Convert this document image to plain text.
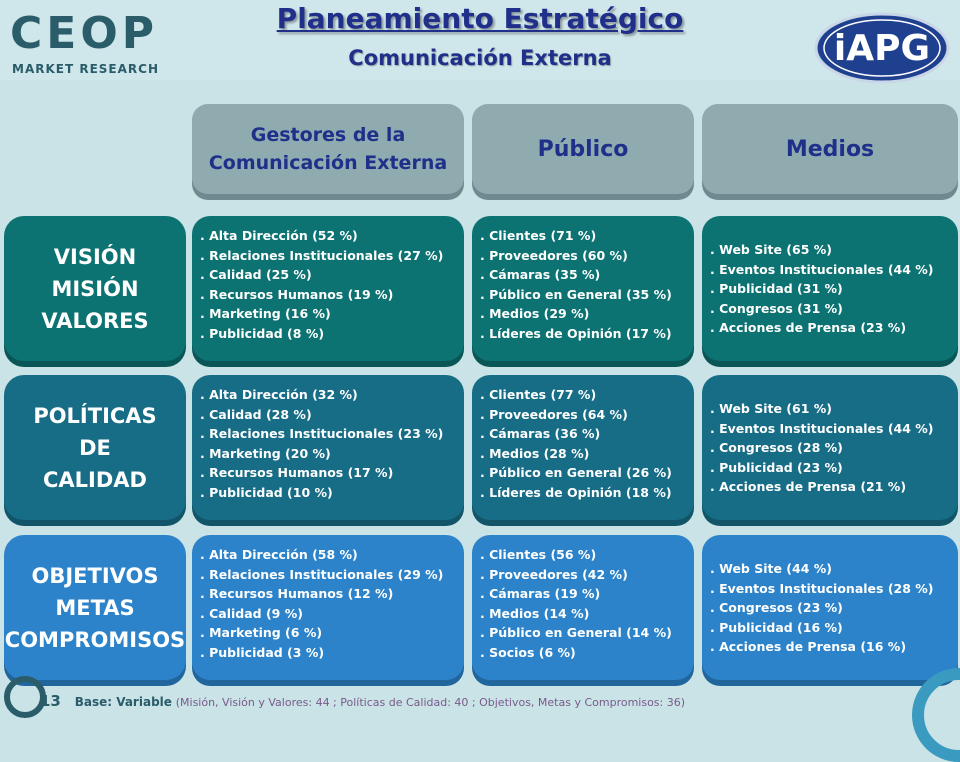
CEOP
MARKET RESEARCH
Planeamiento Estratégico
Comunicación Externa	iAPG
Gestores de la
Comunicación Externa
Público	Medios
VISIÓN
MISIÓN
VALORES
. Alta Dirección (52 %)
. Relaciones Institucionales (27 %)
. Calidad (25 %)
. Recursos Humanos (19 %)
. Marketing (16 %)
. Publicidad (8 %)
. Clientes (71 %)
. Proveedores (60 %)
. Cámaras (35 %)
. Público en General (35 %)
. Medios (29 %)
. Líderes de Opinión (17 %)
. Web Site (65 %)
. Eventos Institucionales (44 %)
. Publicidad (31 %)
. Congresos (31 %)
. Acciones de Prensa (23 %)
POLÍTICAS
DE
CALIDAD
. Alta Dirección (32 %)
. Calidad (28 %)
. Relaciones Institucionales (23 %)
. Marketing (20 %)
. Recursos Humanos (17 %)
. Publicidad (10 %)
. Clientes (77 %)
. Proveedores (64 %)
. Cámaras (36 %)
. Medios (28 %)
. Público en General (26 %)
. Líderes de Opinión (18 %)
. Web Site (61 %)
. Eventos Institucionales (44 %)
. Congresos (28 %)
. Publicidad (23 %)
. Acciones de Prensa (21 %)
OBJETIVOS
METAS
COMPROMISOS
. Alta Dirección (58 %)
. Relaciones Institucionales (29 %)
. Recursos Humanos (12 %)
. Calidad (9 %)
. Marketing (6 %)
. Publicidad (3 %)
. Clientes (56 %)
. Proveedores (42 %)
. Cámaras (19 %)
. Medios (14 %)
. Público en General (14 %)
. Socios (6 %)
. Web Site (44 %)
. Eventos Institucionales (28 %)
. Congresos (23 %)
. Publicidad (16 %)
. Acciones de Prensa (16 %)
13 Base: Variable (Misión, Visión y Valores: 44 ; Políticas de Calidad: 40 ; Objetivos, Metas y Compromisos: 36)
